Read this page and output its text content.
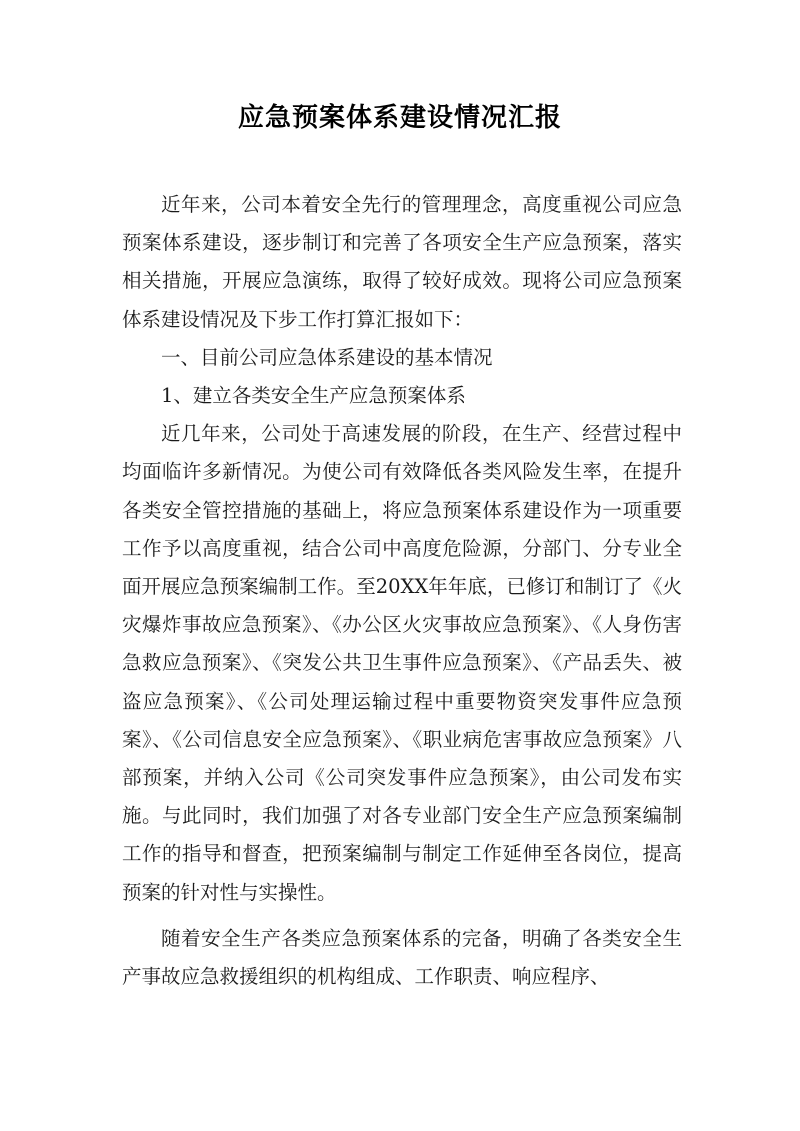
应急预案体系建设情况汇报

近年来，公司本着安全先行的管理理念，高度重视公司应急预案体系建设，逐步制订和完善了各项安全生产应急预案，落实相关措施，开展应急演练，取得了较好成效。现将公司应急预案体系建设情况及下步工作打算汇报如下：

一、目前公司应急体系建设的基本情况

1、建立各类安全生产应急预案体系

近几年来，公司处于高速发展的阶段，在生产、经营过程中均面临许多新情况。为使公司有效降低各类风险发生率，在提升各类安全管控措施的基础上，将应急预案体系建设作为一项重要工作予以高度重视，结合公司中高度危险源，分部门、分专业全面开展应急预案编制工作。至20XX年年底，已修订和制订了《火灾爆炸事故应急预案》、《办公区火灾事故应急预案》、《人身伤害急救应急预案》、《突发公共卫生事件应急预案》、《产品丢失、被盗应急预案》、《公司处理运输过程中重要物资突发事件应急预案》、《公司信息安全应急预案》、《职业病危害事故应急预案》八部预案，并纳入公司《公司突发事件应急预案》，由公司发布实施。与此同时，我们加强了对各专业部门安全生产应急预案编制工作的指导和督查，把预案编制与制定工作延伸至各岗位，提高预案的针对性与实操性。

随着安全生产各类应急预案体系的完备，明确了各类安全生产事故应急救援组织的机构组成、工作职责、响应程序、
